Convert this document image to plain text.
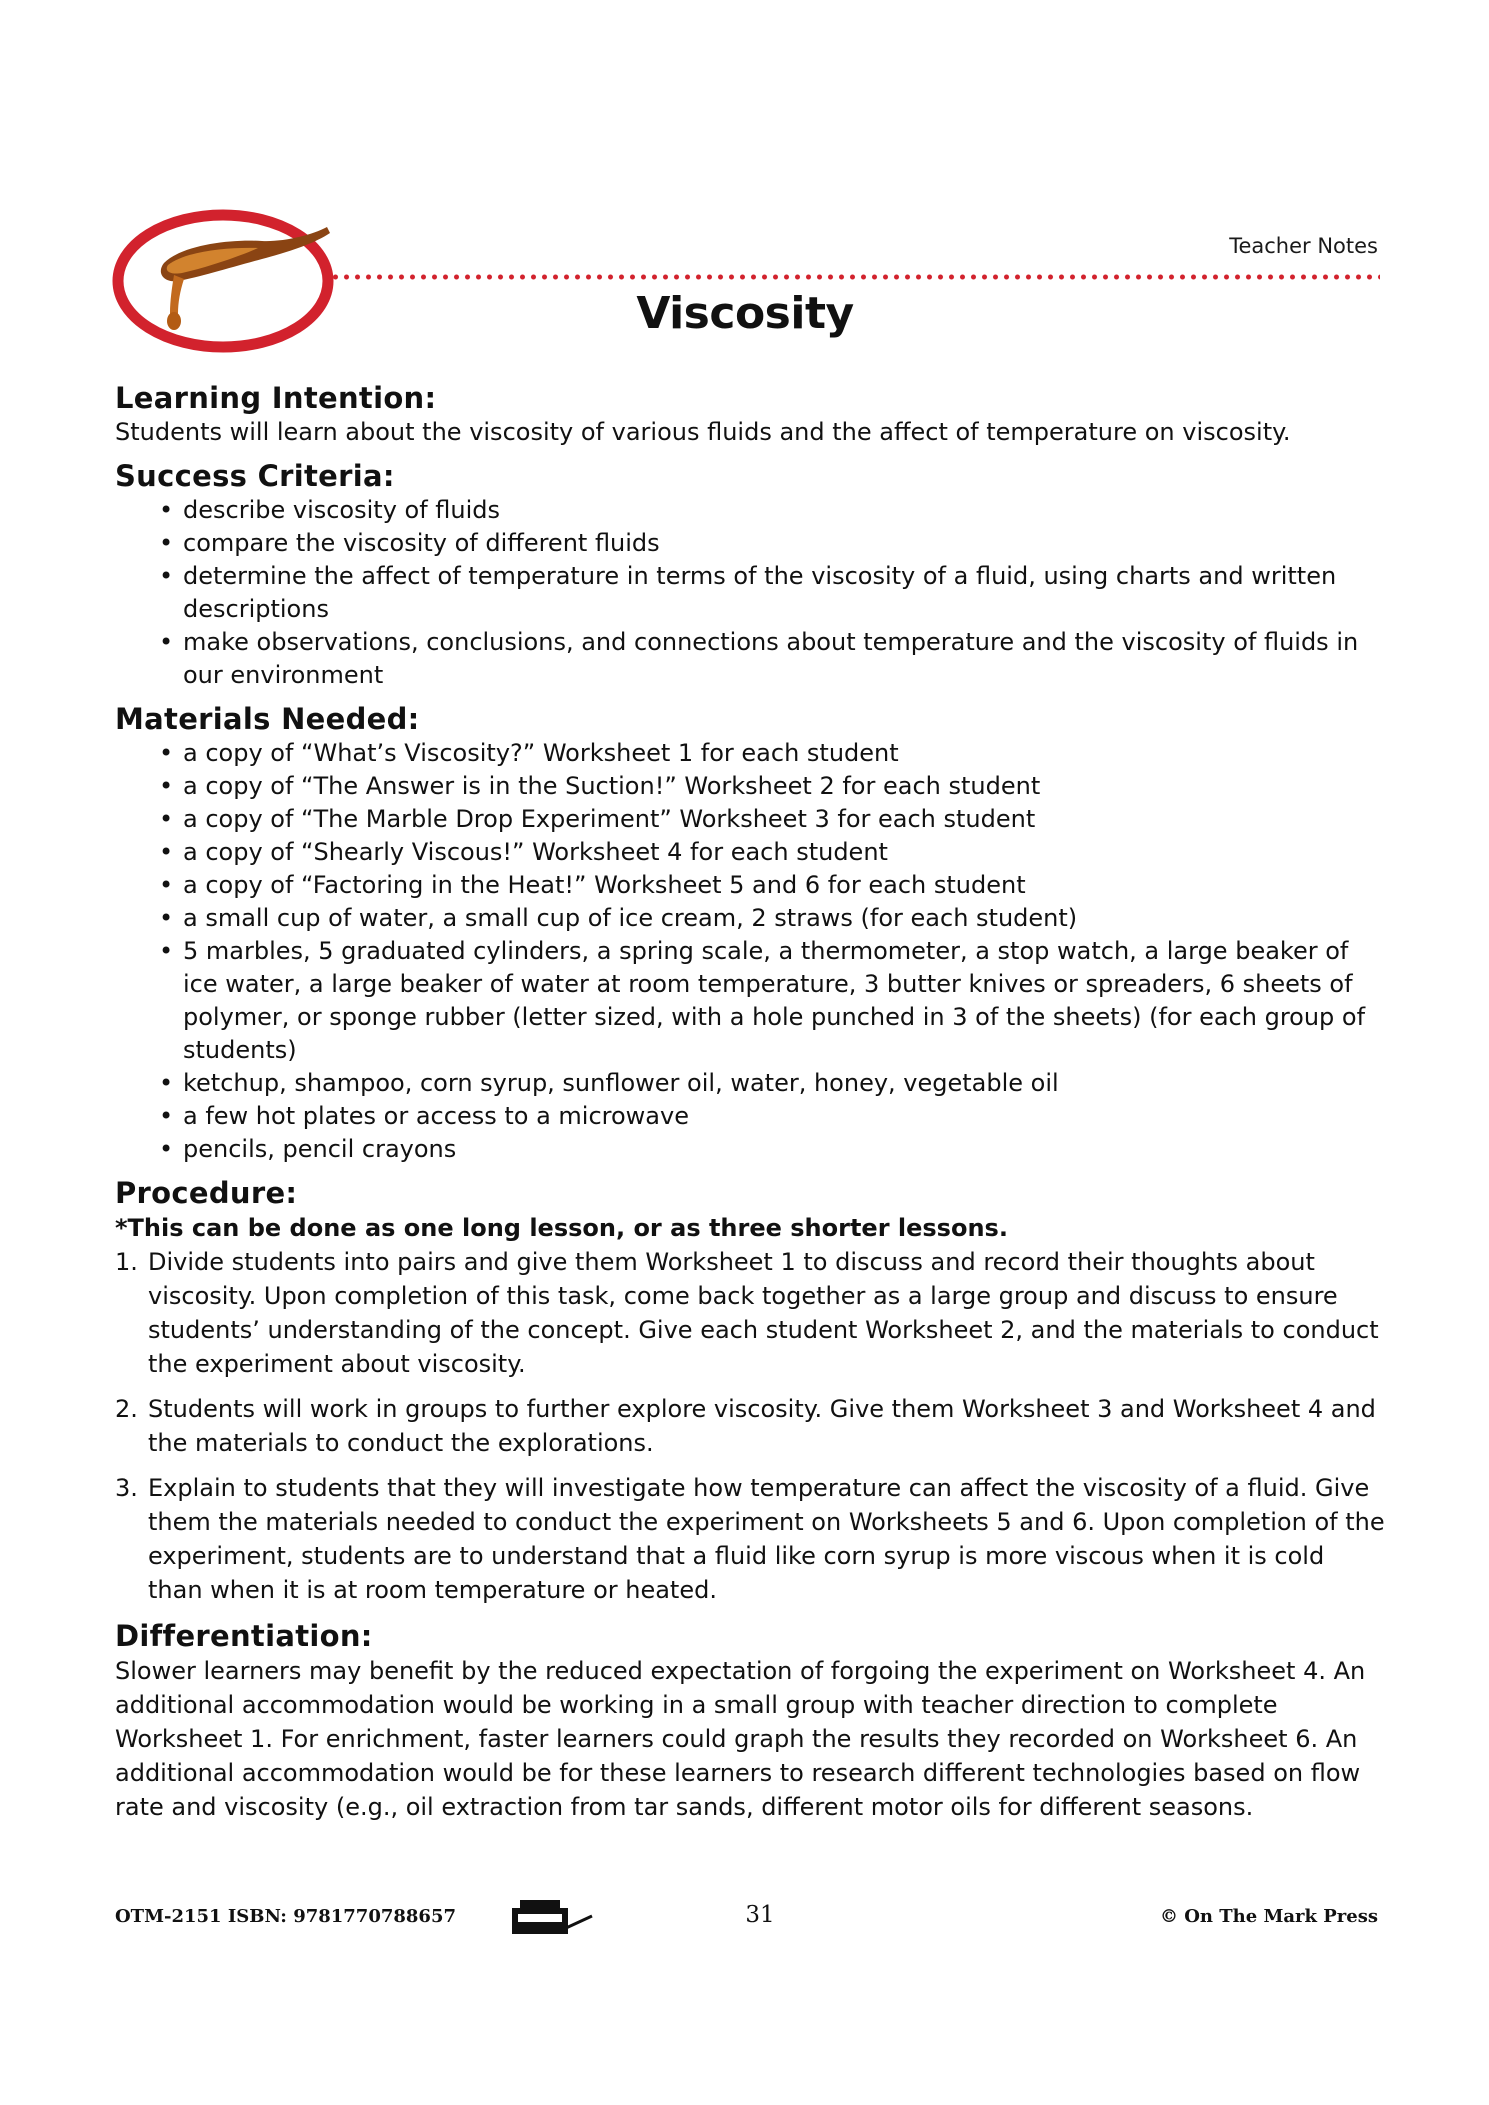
Teacher Notes
Viscosity
Learning Intention:

Students will learn about the viscosity of various fluids and the affect of temperature on viscosity.

Success Criteria:
• describe viscosity of fluids
• compare the viscosity of different fluids
• determine the affect of temperature in terms of the viscosity of a fluid, using charts and written descriptions
• make observations, conclusions, and connections about temperature and the viscosity of fluids in our environment
Materials Needed:
• a copy of “What’s Viscosity?” Worksheet 1 for each student
• a copy of “The Answer is in the Suction!” Worksheet 2 for each student
• a copy of “The Marble Drop Experiment” Worksheet 3 for each student
• a copy of “Shearly Viscous!” Worksheet 4 for each student
• a copy of “Factoring in the Heat!” Worksheet 5 and 6 for each student
• a small cup of water, a small cup of ice cream, 2 straws (for each student)
• 5 marbles, 5 graduated cylinders, a spring scale, a thermometer, a stop watch, a large beaker of ice water, a large beaker of water at room temperature, 3 butter knives or spreaders, 6 sheets of polymer, or sponge rubber (letter sized, with a hole punched in 3 of the sheets) (for each group of students)
• ketchup, shampoo, corn syrup, sunflower oil, water, honey, vegetable oil
• a few hot plates or access to a microwave
• pencils, pencil crayons
Procedure:

*This can be done as one long lesson, or as three shorter lessons.

1. Divide students into pairs and give them Worksheet 1 to discuss and record their thoughts about viscosity. Upon completion of this task, come back together as a large group and discuss to ensure students’ understanding of the concept. Give each student Worksheet 2, and the materials to conduct the experiment about viscosity.
2. Students will work in groups to further explore viscosity. Give them Worksheet 3 and Worksheet 4 and the materials to conduct the explorations.
3. Explain to students that they will investigate how temperature can affect the viscosity of a fluid. Give them the materials needed to conduct the experiment on Worksheets 5 and 6. Upon completion of the experiment, students are to understand that a fluid like corn syrup is more viscous when it is cold than when it is at room temperature or heated.
Differentiation:

Slower learners may benefit by the reduced expectation of forgoing the experiment on Worksheet 4. An additional accommodation would be working in a small group with teacher direction to complete Worksheet 1. For enrichment, faster learners could graph the results they recorded on Worksheet 6. An additional accommodation would be for these learners to research different technologies based on flow rate and viscosity (e.g., oil extraction from tar sands, different motor oils for different seasons.

OTM-2151 ISBN: 9781770788657	31	© On The Mark Press
